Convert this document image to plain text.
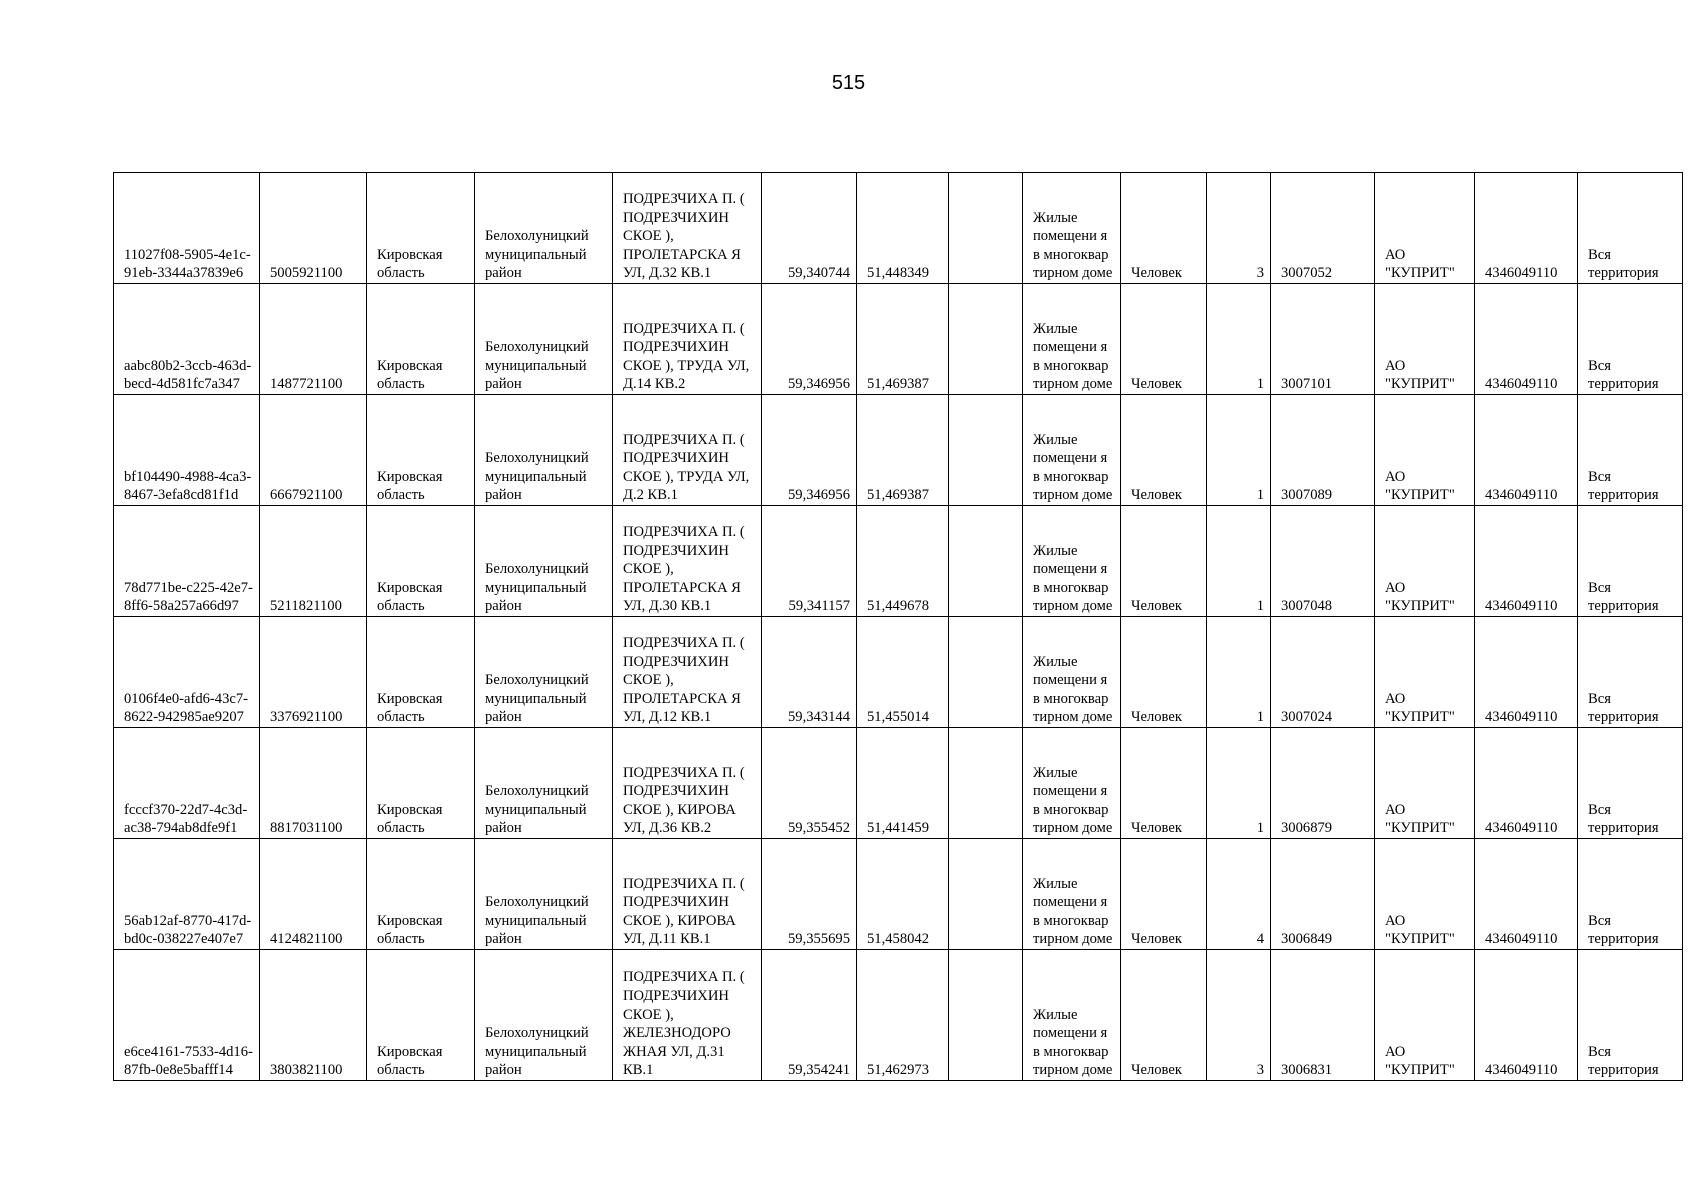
515
11027f08-5905-4e1c-91eb-3344a37839e6	5005921100	Кировская область	Белохолуницкий муниципальный район	ПОДРЕЗЧИХА П. ( ПОДРЕЗЧИХИН СКОЕ ), ПРОЛЕТАРСКА Я УЛ, Д.32 КВ.1	59,340744	51,448349		Жилые помещени я в многоквар тирном доме	Человек	3	3007052	АО "КУПРИТ"	4346049110	Вся территория
aabc80b2-3ccb-463d-becd-4d581fc7a347	1487721100	Кировская область	Белохолуницкий муниципальный район	ПОДРЕЗЧИХА П. ( ПОДРЕЗЧИХИН СКОЕ ), ТРУДА УЛ, Д.14 КВ.2	59,346956	51,469387		Жилые помещени я в многоквар тирном доме	Человек	1	3007101	АО "КУПРИТ"	4346049110	Вся территория
bf104490-4988-4ca3-8467-3efa8cd81f1d	6667921100	Кировская область	Белохолуницкий муниципальный район	ПОДРЕЗЧИХА П. ( ПОДРЕЗЧИХИН СКОЕ ), ТРУДА УЛ, Д.2 КВ.1	59,346956	51,469387		Жилые помещени я в многоквар тирном доме	Человек	1	3007089	АО "КУПРИТ"	4346049110	Вся территория
78d771be-c225-42e7-8ff6-58a257a66d97	5211821100	Кировская область	Белохолуницкий муниципальный район	ПОДРЕЗЧИХА П. ( ПОДРЕЗЧИХИН СКОЕ ), ПРОЛЕТАРСКА Я УЛ, Д.30 КВ.1	59,341157	51,449678		Жилые помещени я в многоквар тирном доме	Человек	1	3007048	АО "КУПРИТ"	4346049110	Вся территория
0106f4e0-afd6-43c7-8622-942985ae9207	3376921100	Кировская область	Белохолуницкий муниципальный район	ПОДРЕЗЧИХА П. ( ПОДРЕЗЧИХИН СКОЕ ), ПРОЛЕТАРСКА Я УЛ, Д.12 КВ.1	59,343144	51,455014		Жилые помещени я в многоквар тирном доме	Человек	1	3007024	АО "КУПРИТ"	4346049110	Вся территория
fcccf370-22d7-4c3d-ac38-794ab8dfe9f1	8817031100	Кировская область	Белохолуницкий муниципальный район	ПОДРЕЗЧИХА П. ( ПОДРЕЗЧИХИН СКОЕ ), КИРОВА УЛ, Д.36 КВ.2	59,355452	51,441459		Жилые помещени я в многоквар тирном доме	Человек	1	3006879	АО "КУПРИТ"	4346049110	Вся территория
56ab12af-8770-417d-bd0c-038227e407e7	4124821100	Кировская область	Белохолуницкий муниципальный район	ПОДРЕЗЧИХА П. ( ПОДРЕЗЧИХИН СКОЕ ), КИРОВА УЛ, Д.11 КВ.1	59,355695	51,458042		Жилые помещени я в многоквар тирном доме	Человек	4	3006849	АО "КУПРИТ"	4346049110	Вся территория
e6ce4161-7533-4d16-87fb-0e8e5bafff14	3803821100	Кировская область	Белохолуницкий муниципальный район	ПОДРЕЗЧИХА П. ( ПОДРЕЗЧИХИН СКОЕ ), ЖЕЛЕЗНОДОРО ЖНАЯ УЛ, Д.31 КВ.1	59,354241	51,462973		Жилые помещени я в многоквар тирном доме	Человек	3	3006831	АО "КУПРИТ"	4346049110	Вся территория
